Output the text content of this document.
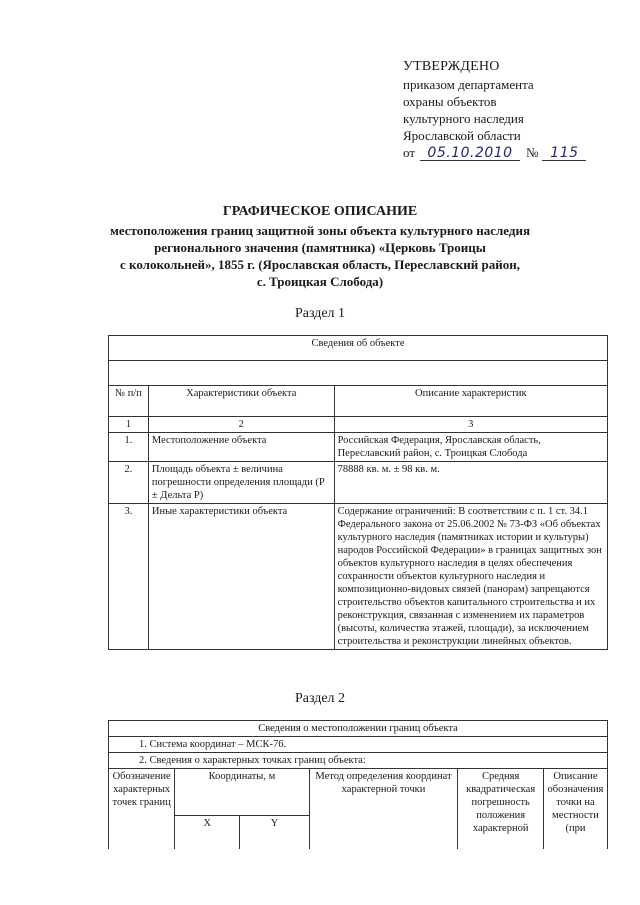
УТВЕРЖДЕНО
приказом департамента
охраны объектов
культурного наследия
Ярославской области
от 05.10.2010	№ 115
ГРАФИЧЕСКОЕ ОПИСАНИЕ
местоположения границ защитной зоны объекта культурного наследия
регионального значения (памятника) «Церковь Троицы
с колокольней», 1855 г. (Ярославская область, Переславский район,
с. Троицкая Слобода)
Раздел 1
Сведения об объекте		

№ п/п	Характеристики объекта	Описание характеристик
1	2	3
1.	Местоположение объекта	Российская Федерация, Ярославская область, Переславский район, с. Троицкая Слобода
2.	Площадь объекта ± величина погрешности определения площади (P ± Дельта P)	78888 кв. м. ± 98 кв. м.
3.	Иные характеристики объекта	Содержание ограничений: В соответствии с п. 1 ст. 34.1 Федерального закона от 25.06.2002 № 73-ФЗ «Об объектах культурного наследия (памятниках истории и культуры) народов Российской Федерации» в границах защитных зон объектов культурного наследия в целях обеспечения сохранности объектов культурного наследия и композиционно-видовых связей (панорам) запрещаются строительство объектов капитального строительства и их реконструкция, связанная с изменением их параметров (высоты, количества этажей, площади), за исключением строительства и реконструкции линейных объектов.
Раздел 2
Сведения о местоположении границ объекта					
1. Система координат – МСК-76.					
2. Сведения о характерных точках границ объекта:					
Обозначение характерных точек границ	Координаты, м		Метод определения координат характерной точки	Средняя квадратическая погрешность положения характерной	Описание обозначения точки на местности (при
	X	Y			
